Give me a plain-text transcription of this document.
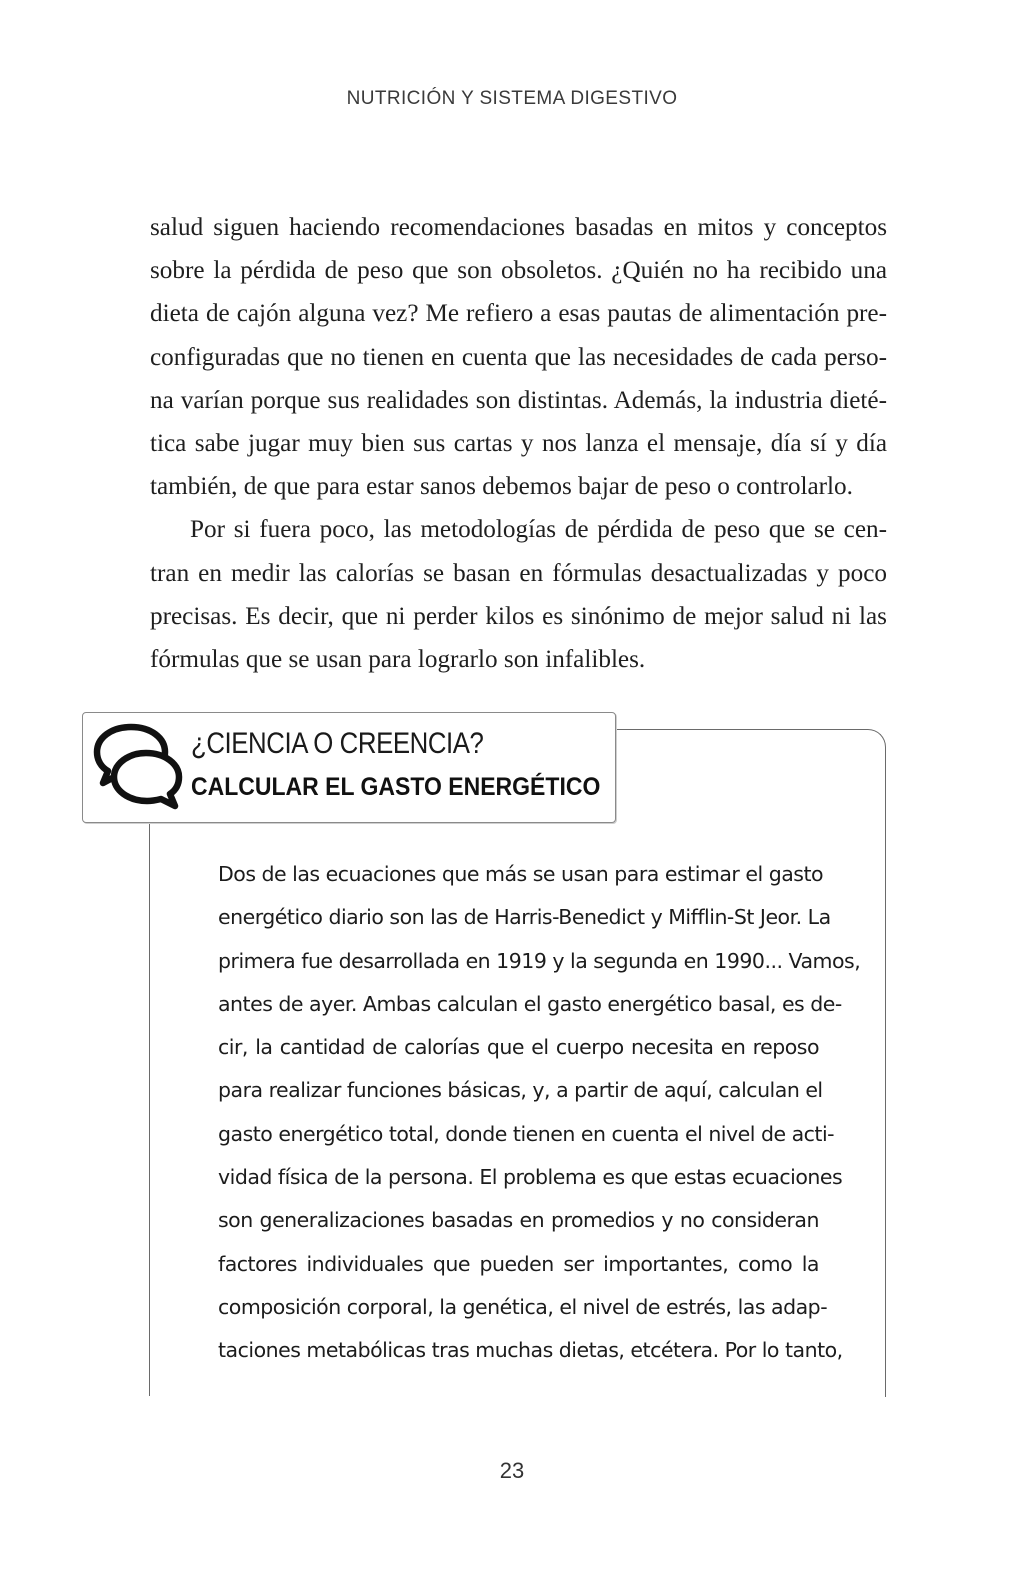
NUTRICIÓN Y SISTEMA DIGESTIVO
salud siguen haciendo recomendaciones basadas en mitos y conceptos
sobre la pérdida de peso que son obsoletos. ¿Quién no ha recibido una
dieta de cajón alguna vez? Me refiero a esas pautas de alimentación pre-
configuradas que no tienen en cuenta que las necesidades de cada perso-
na varían porque sus realidades son distintas. Además, la industria dieté-
tica sabe jugar muy bien sus cartas y nos lanza el mensaje, día sí y día
también, de que para estar sanos debemos bajar de peso o controlarlo.
Por si fuera poco, las metodologías de pérdida de peso que se cen-
tran en medir las calorías se basan en fórmulas desactualizadas y poco
precisas. Es decir, que ni perder kilos es sinónimo de mejor salud ni las
fórmulas que se usan para lograrlo son infalibles.
¿CIENCIA O CREENCIA?
CALCULAR EL GASTO ENERGÉTICO
Dos de las ecuaciones que más se usan para estimar el gasto
energético diario son las de Harris-Benedict y Mifflin-St Jeor. La
primera fue desarrollada en 1919 y la segunda en 1990... Vamos,
antes de ayer. Ambas calculan el gasto energético basal, es de-
cir, la cantidad de calorías que el cuerpo necesita en reposo
para realizar funciones básicas, y, a partir de aquí, calculan el
gasto energético total, donde tienen en cuenta el nivel de acti-
vidad física de la persona. El problema es que estas ecuaciones
son generalizaciones basadas en promedios y no consideran
factores individuales que pueden ser importantes, como la
composición corporal, la genética, el nivel de estrés, las adap-
taciones metabólicas tras muchas dietas, etcétera. Por lo tanto,
23
